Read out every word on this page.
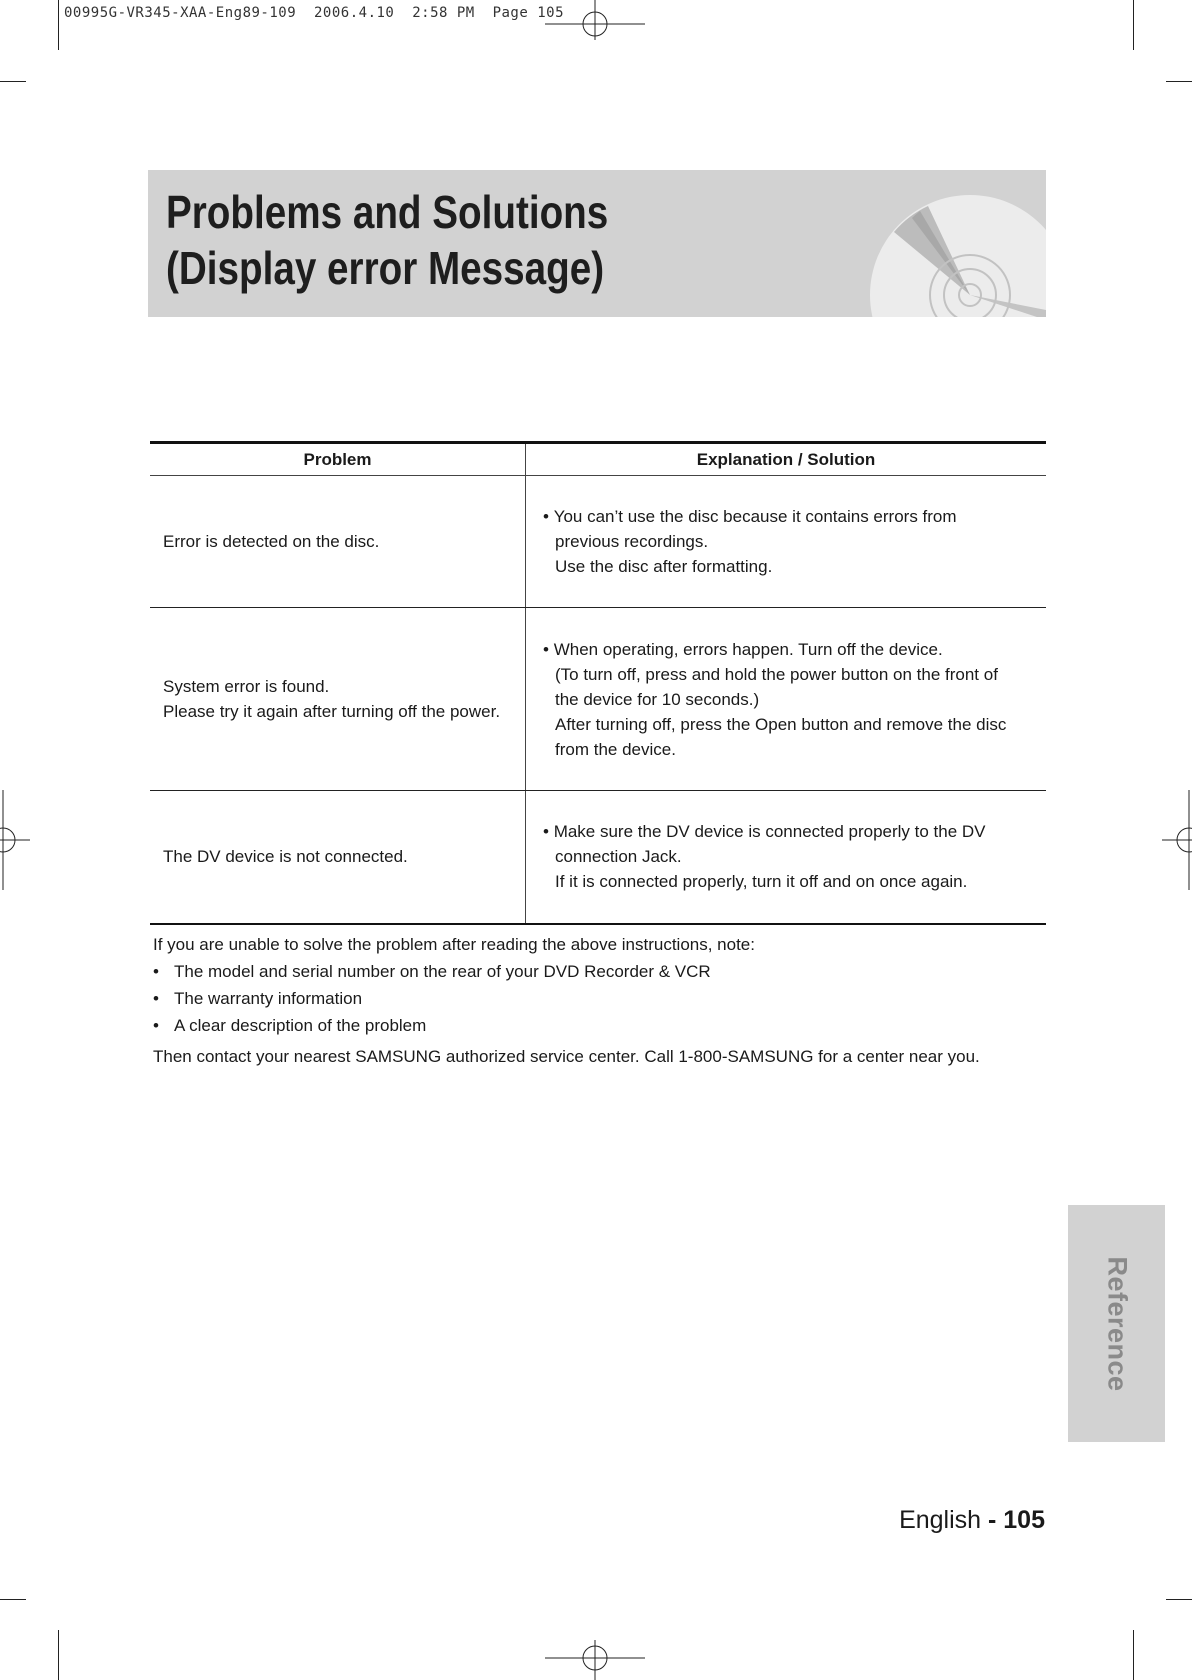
00995G-VR345-XAA-Eng89-109  2006.4.10  2:58 PM  Page 105
Problems and Solutions
(Display error Message)
Problem	Explanation / Solution
Error is detected on the disc.	• You can’t use the disc because it contains errors from
previous recordings.
Use the disc after formatting.

System error is found.
Please try it again after turning off the power.	• When operating, errors happen. Turn off the device.
(To turn off, press and hold the power button on the front of
the device for 10 seconds.)
After turning off, press the Open button and remove the disc
from the device.

The DV device is not connected.	• Make sure the DV device is connected properly to the DV
connection Jack.
If it is connected properly, turn it off and on once again.
If you are unable to solve the problem after reading the above instructions, note:
• The model and serial number on the rear of your DVD Recorder & VCR
• The warranty information
• A clear description of the problem
Then contact your nearest SAMSUNG authorized service center. Call 1-800-SAMSUNG for a center near you.
Reference
English - 105
